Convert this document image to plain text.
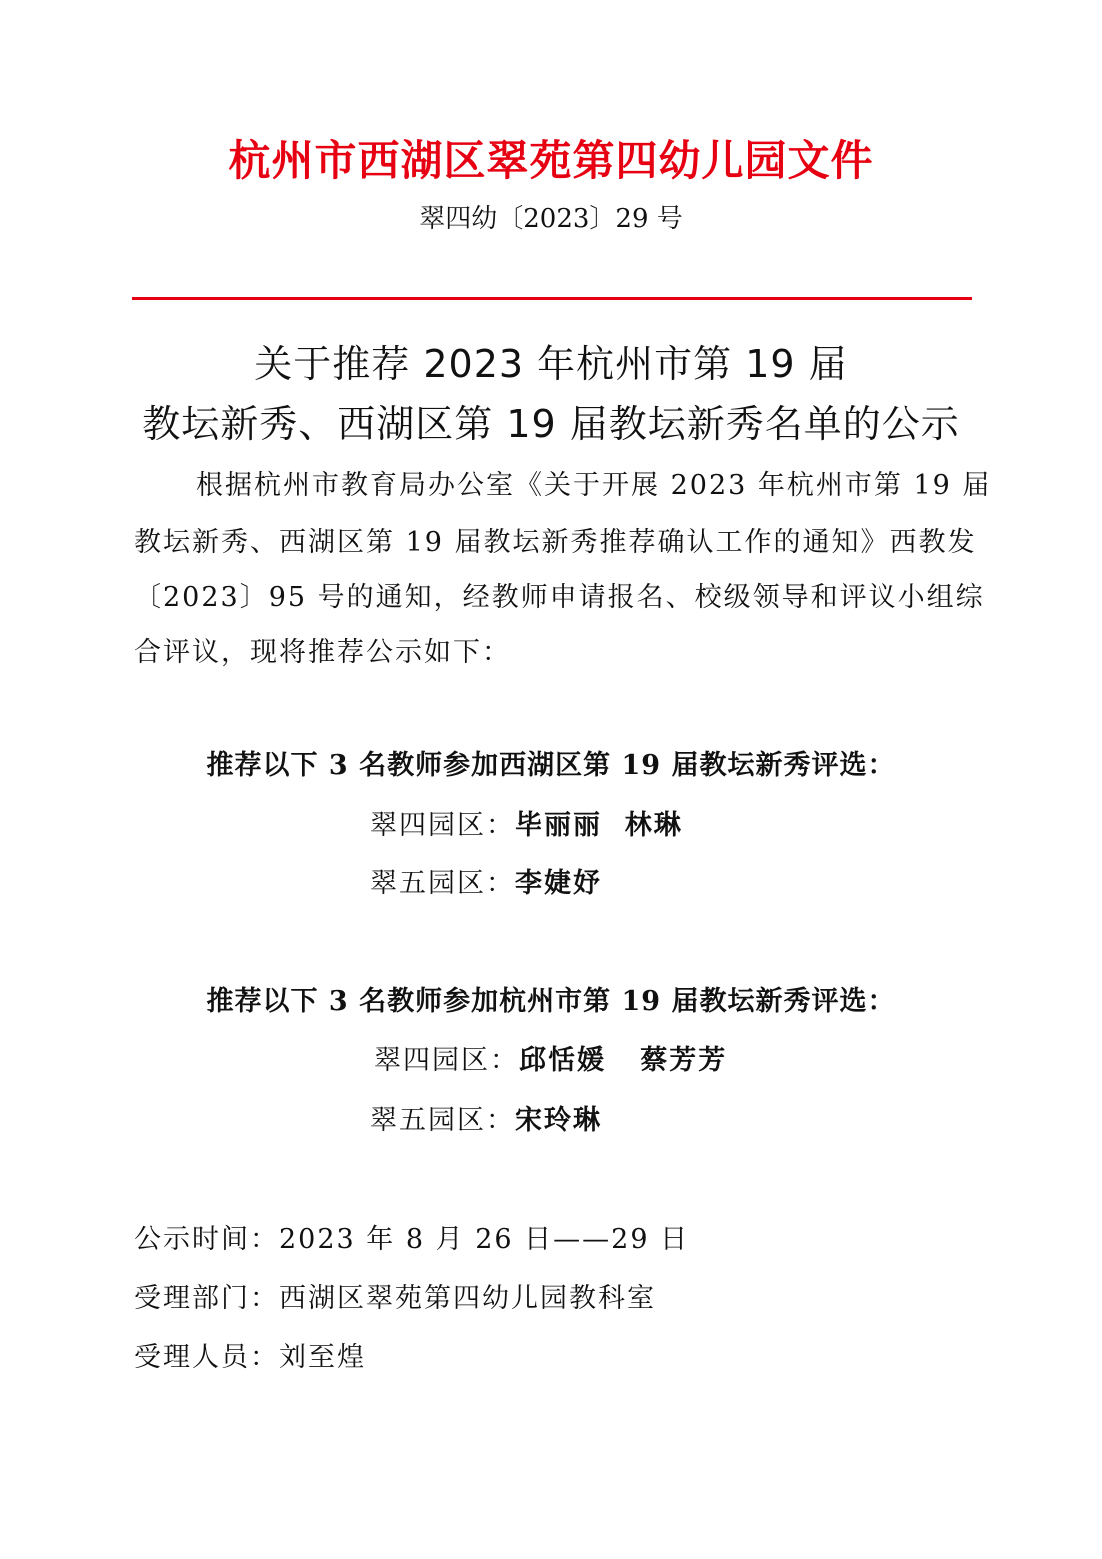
杭州市西湖区翠苑第四幼儿园文件
翠四幼〔2023〕29 号
关于推荐 2023 年杭州市第 19 届
教坛新秀、西湖区第 19 届教坛新秀名单的公示
根据杭州市教育局办公室《关于开展 2023 年杭州市第 19 届
教坛新秀、西湖区第 19 届教坛新秀推荐确认工作的通知》西教发
〔2023〕95 号的通知，经教师申请报名、校级领导和评议小组综
合评议，现将推荐公示如下：
推荐以下 3 名教师参加西湖区第 19 届教坛新秀评选：
翠四园区：毕丽丽  林琳
翠五园区：李婕妤
推荐以下 3 名教师参加杭州市第 19 届教坛新秀评选：
翠四园区：邱恬媛   蔡芳芳
翠五园区：宋玲琳
公示时间：2023 年 8 月 26 日——29 日
受理部门：西湖区翠苑第四幼儿园教科室
受理人员：刘至煌
